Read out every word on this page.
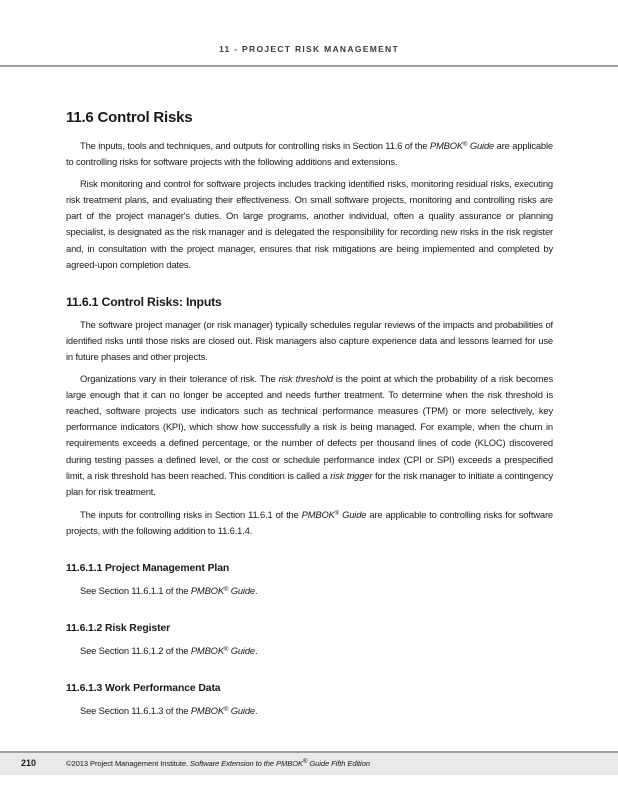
11 - PROJECT RISK MANAGEMENT
11.6 Control Risks

The inputs, tools and techniques, and outputs for controlling risks in Section 11.6 of the PMBOK® Guide are applicable to controlling risks for software projects with the following additions and extensions.

Risk monitoring and control for software projects includes tracking identified risks, monitoring residual risks, executing risk treatment plans, and evaluating their effectiveness. On small software projects, monitoring and controlling risks are part of the project manager's duties. On large programs, another individual, often a quality assurance or planning specialist, is designated as the risk manager and is delegated the responsibility for recording new risks in the risk register and, in consultation with the project manager, ensures that risk mitigations are being implemented and completed by agreed-upon completion dates.

11.6.1 Control Risks: Inputs

The software project manager (or risk manager) typically schedules regular reviews of the impacts and probabilities of identified risks until those risks are closed out. Risk managers also capture experience data and lessons learned for use in future phases and other projects.

Organizations vary in their tolerance of risk. The risk threshold is the point at which the probability of a risk becomes large enough that it can no longer be accepted and needs further treatment. To determine when the risk threshold is reached, software projects use indicators such as technical performance measures (TPM) or more selectively, key performance indicators (KPI), which show how successfully a risk is being managed. For example, when the churn in requirements exceeds a defined percentage, or the number of defects per thousand lines of code (KLOC) discovered during testing passes a defined level, or the cost or schedule performance index (CPI or SPI) exceeds a prespecified limit, a risk threshold has been reached. This condition is called a risk trigger for the risk manager to initiate a contingency plan for risk treatment.

The inputs for controlling risks in Section 11.6.1 of the PMBOK® Guide are applicable to controlling risks for software projects, with the following addition to 11.6.1.4.

11.6.1.1 Project Management Plan

See Section 11.6.1.1 of the PMBOK® Guide.

11.6.1.2 Risk Register

See Section 11.6.1.2 of the PMBOK® Guide.

11.6.1.3 Work Performance Data

See Section 11.6.1.3 of the PMBOK® Guide.

210	©2013 Project Management Institute. Software Extension to the PMBOK® Guide Fifth Edition
